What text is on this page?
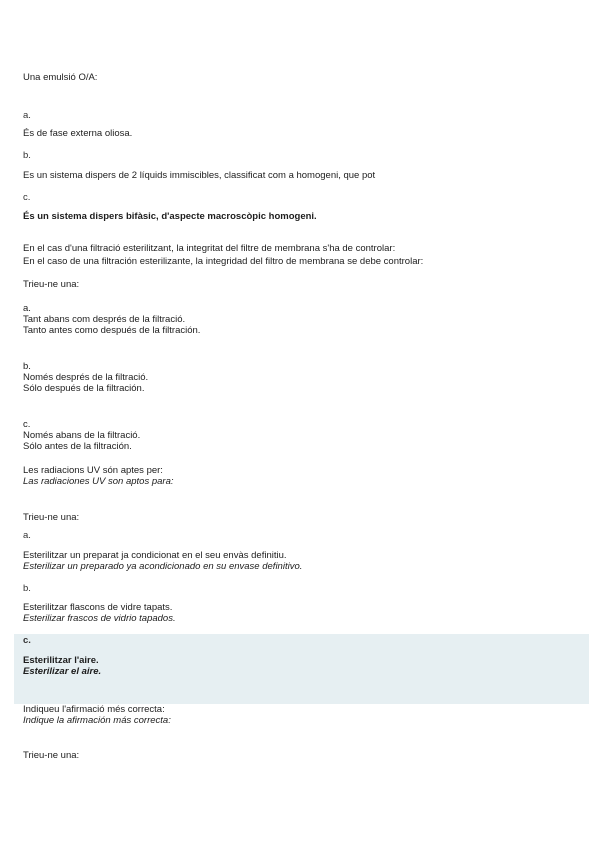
Una emulsió O/A:
a.
És de fase externa oliosa.
b.
Es un sistema dispers de 2 líquids immiscibles, classificat com a homogeni, que pot
c.
És un sistema dispers bifàsic, d'aspecte macroscòpic homogeni.
En el cas d'una filtració esterilitzant, la integritat del filtre de membrana s'ha de controlar:
En el caso de una filtración esterilizante, la integridad del filtro de membrana se debe controlar:
Trieu-ne una:
a.
Tant abans com després de la filtració.
Tanto antes como después de la filtración.
b.
Només després de la filtració.
Sólo después de la filtración.
c.
Només abans de la filtració.
Sólo antes de la filtración.
Les radiacions UV són aptes per:
Las radiaciones UV son aptos para:
Trieu-ne una:
a.
Esterilitzar un preparat ja condicionat en el seu envàs definitiu.
Esterilizar un preparado ya acondicionado en su envase definitivo.
b.
Esterilitzar flascons de vidre tapats.
Esterilizar frascos de vidrio tapados.
c.
Esterilitzar l'aire.
Esterilizar el aire.
Indiqueu l'afirmació més correcta:
Indique la afirmación más correcta:
Trieu-ne una:
